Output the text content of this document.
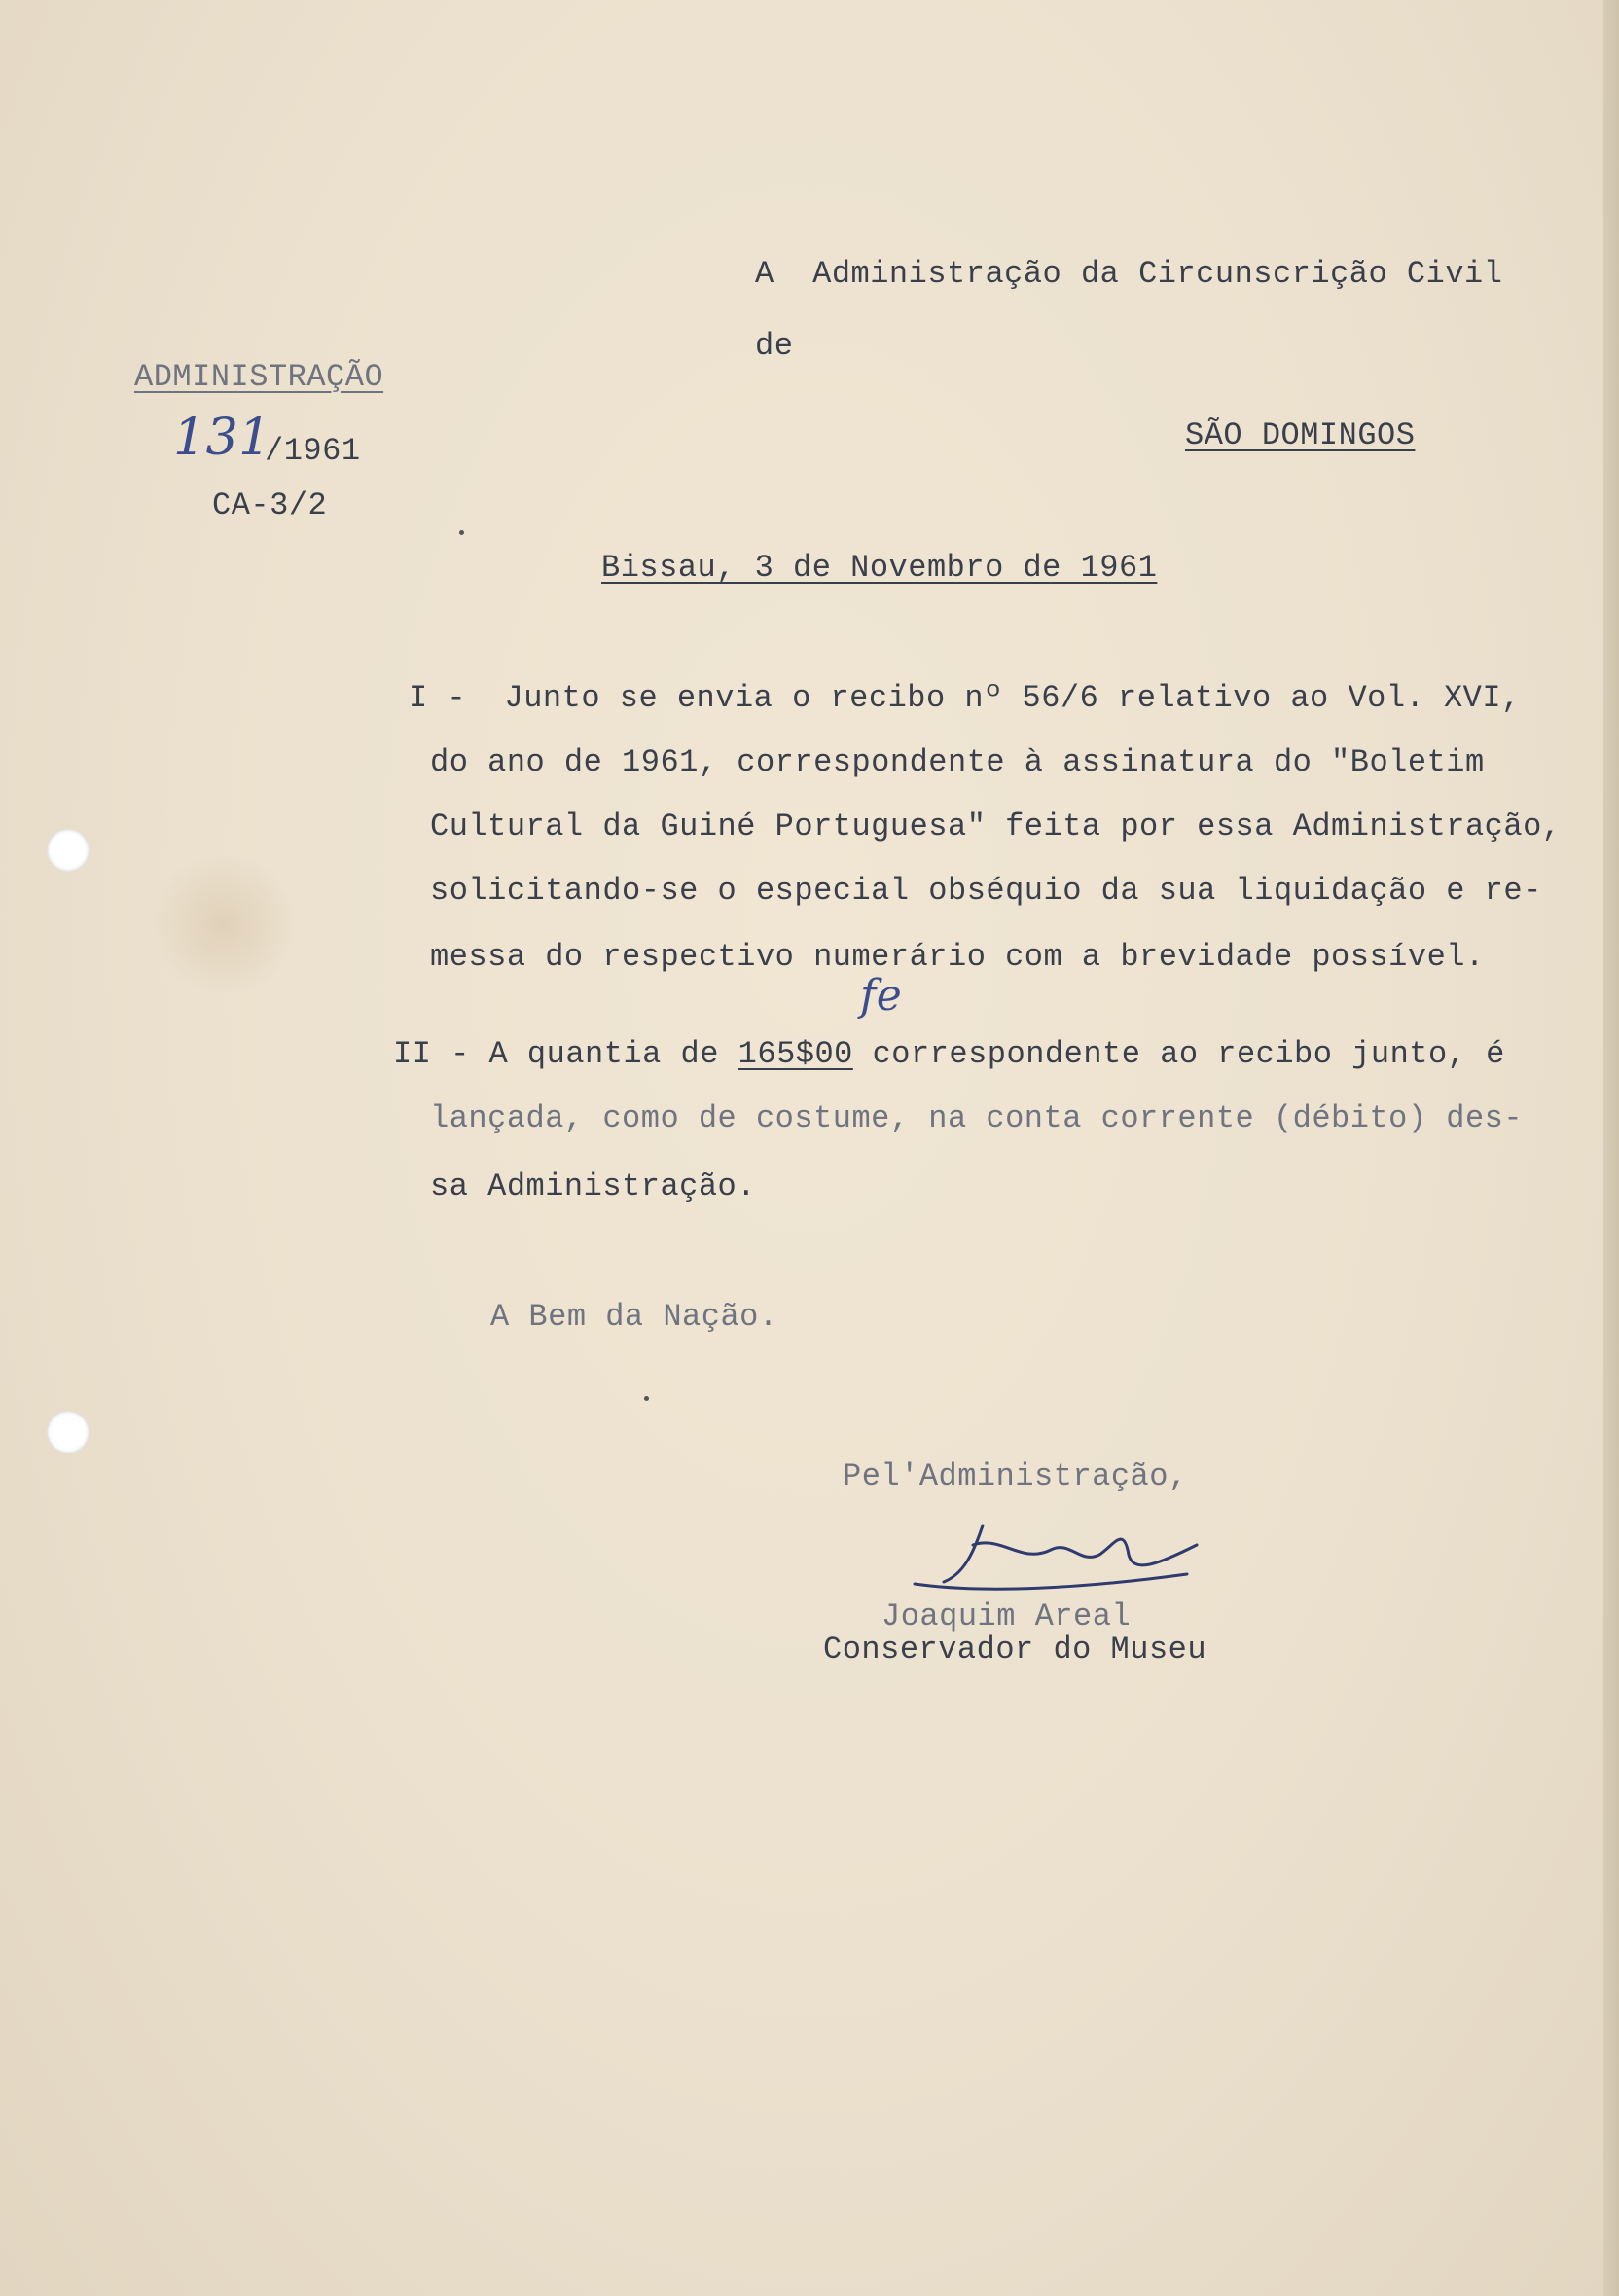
A  Administração da Circunscrição Civil
de
SÃO DOMINGOS
ADMINISTRAÇÃO
131
/1961
CA-3/2
Bissau, 3 de Novembro de 1961
I -  Junto se envia o recibo nº 56/6 relativo ao Vol. XVI,
do ano de 1961, correspondente à assinatura do "Boletim
Cultural da Guiné Portuguesa" feita por essa Administração,
solicitando-se o especial obséquio da sua liquidação e re-
messa do respectivo numerário com a brevidade possível.
fe
II - A quantia de 165$00 correspondente ao recibo junto, é
lançada, como de costume, na conta corrente (débito) des-
sa Administração.
A Bem da Nação.
Pel'Administração,
Joaquim Areal
Conservador do Museu
